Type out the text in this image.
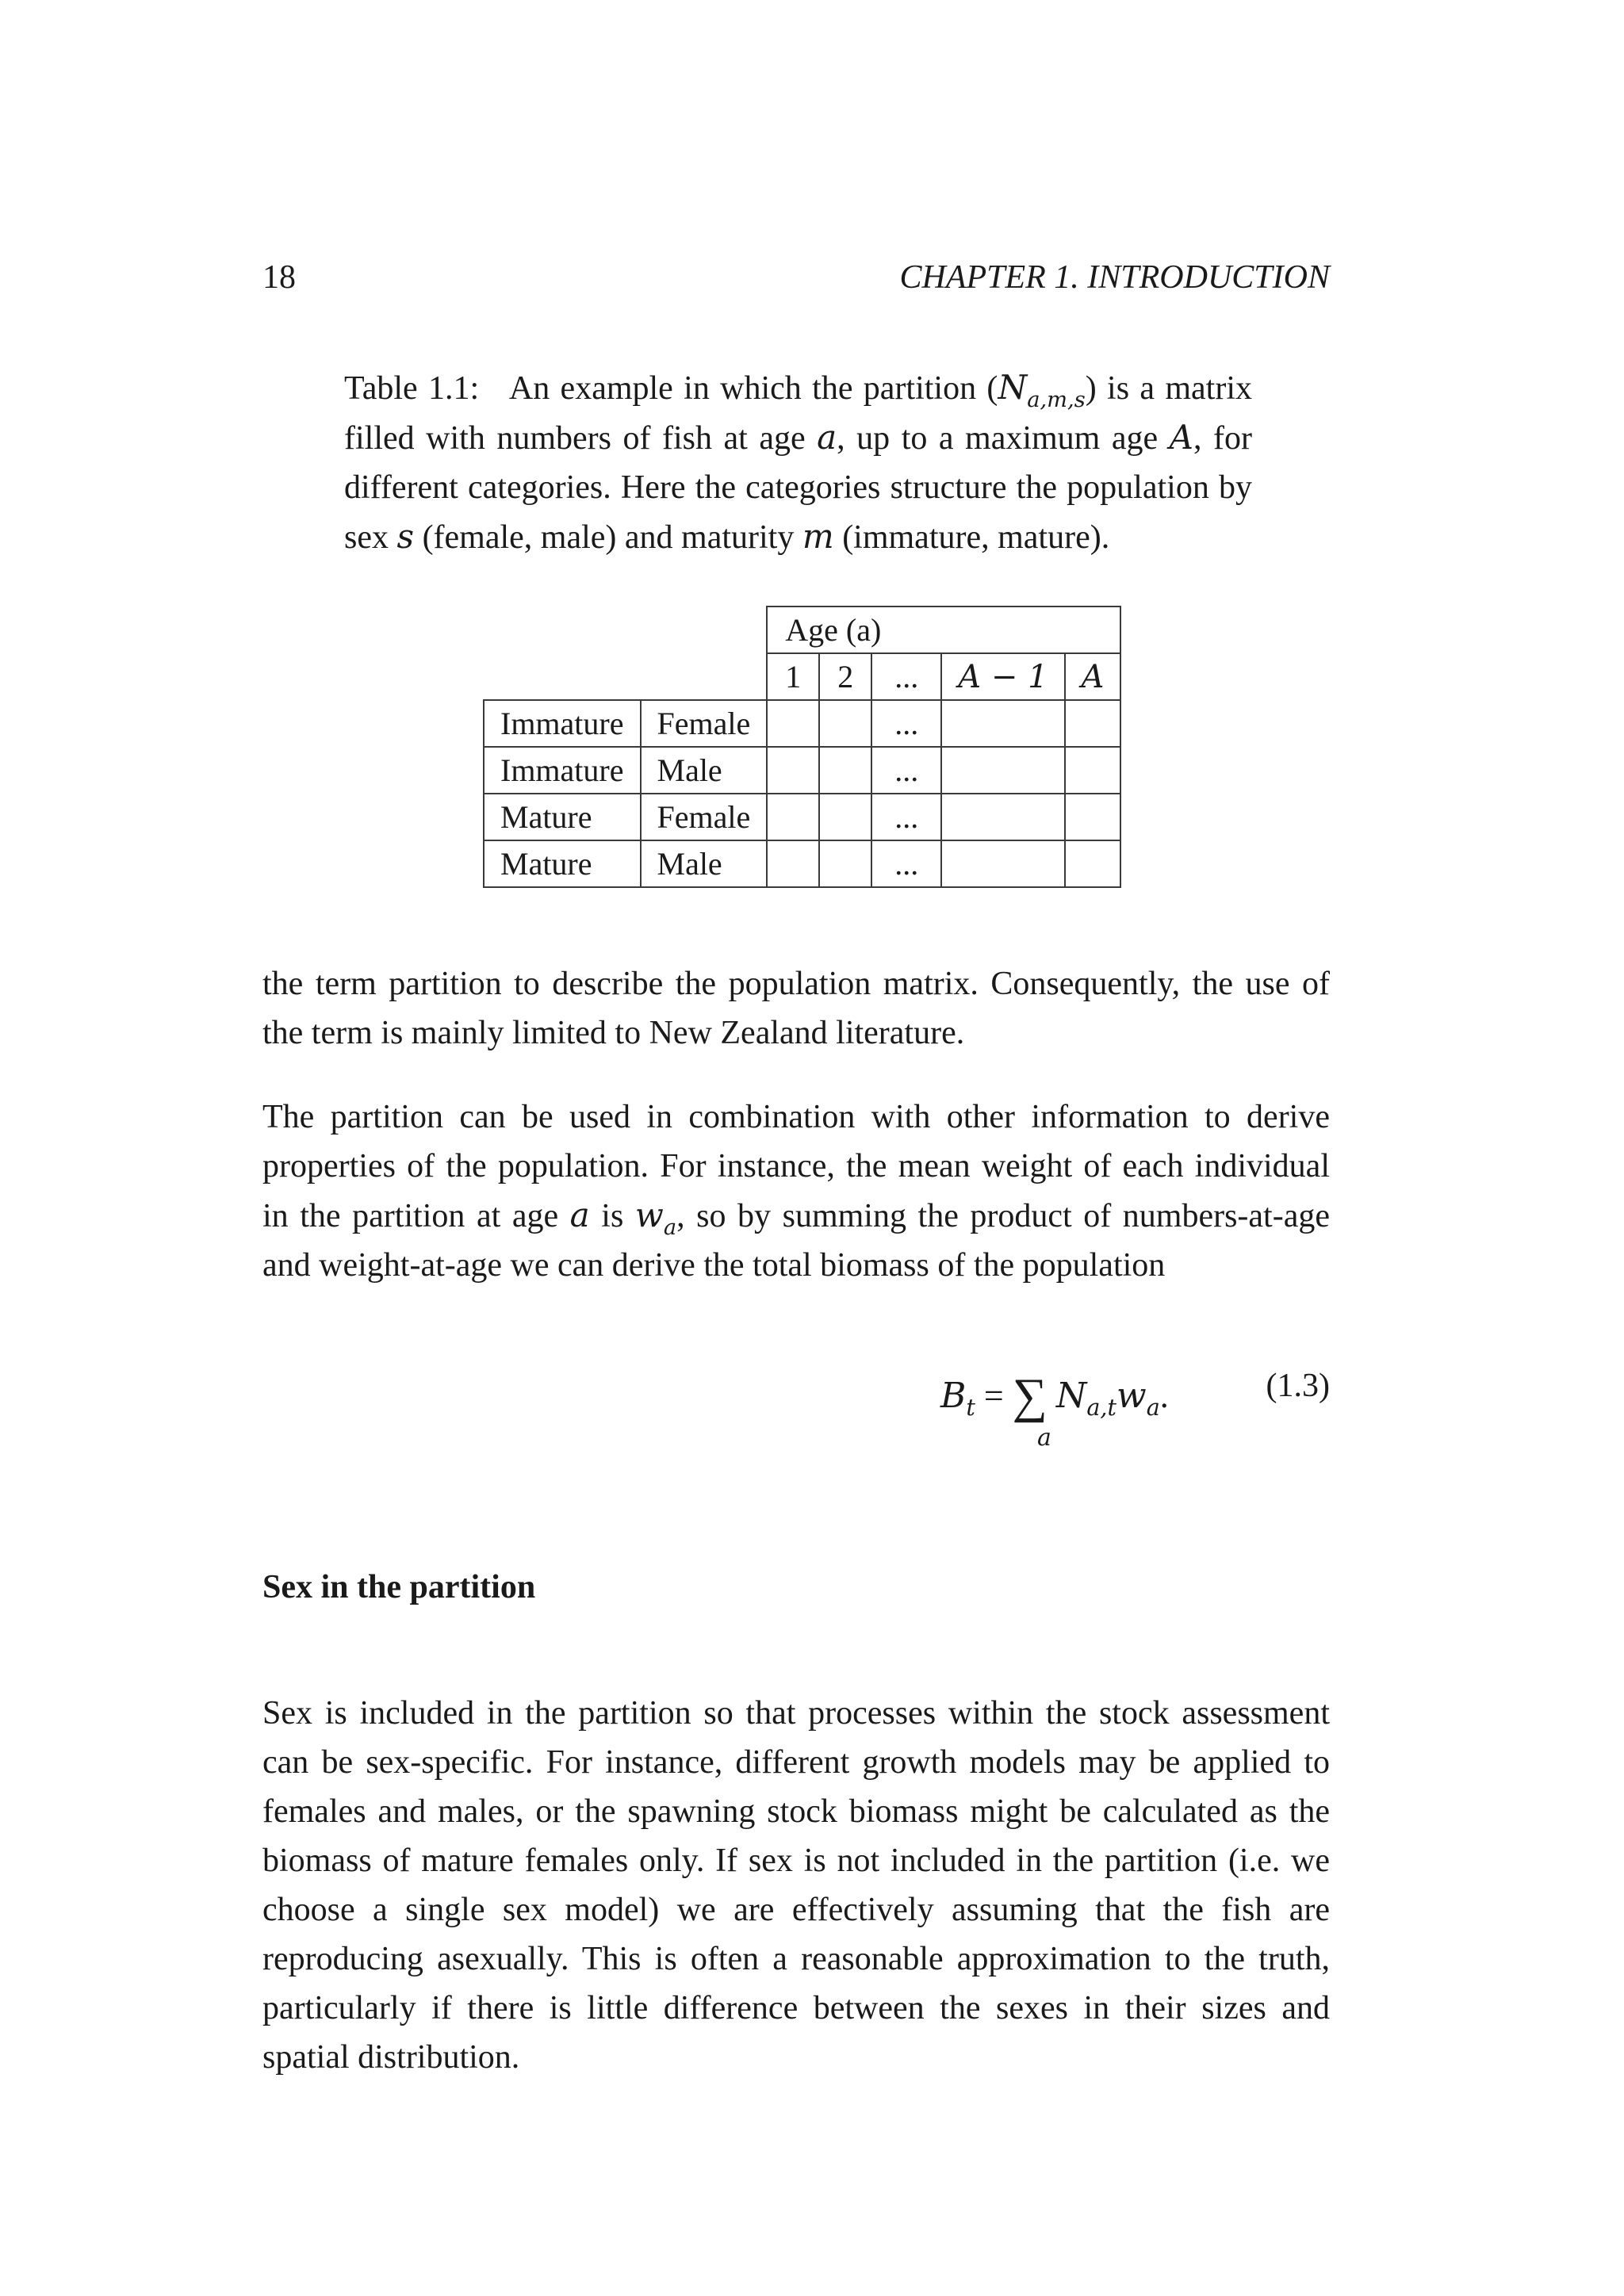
18	CHAPTER 1. INTRODUCTION
Table 1.1: An example in which the partition $(N_{a,m,s})$ is a matrix filled with numbers of fish at age a, up to a maximum age A, for different categories. Here the categories structure the population by sex s (female, male) and maturity m (immature, mature).
		Age (a)				
		1	2	...	A − 1	A
Immature	Female			...		
Immature	Male			...		
Mature	Female			...		
Mature	Male			...		

the term partition to describe the population matrix. Consequently, the use of the term is mainly limited to New Zealand literature.

The partition can be used in combination with other information to derive properties of the population. For instance, the mean weight of each individual in the partition at age a is $w_a$, so by summing the product of numbers-at-age and weight-at-age we can derive the total biomass of the population

$B_t$ = ∑
a
$N_{a,t}w_a$.	(1.3)
Sex in the partition

Sex is included in the partition so that processes within the stock assessment can be sex-specific. For instance, different growth models may be applied to females and males, or the spawning stock biomass might be calculated as the biomass of mature females only. If sex is not included in the partition (i.e. we choose a single sex model) we are effectively assuming that the fish are reproducing asexually. This is often a reasonable approximation to the truth, particularly if there is little difference between the sexes in their sizes and spatial distribution.
